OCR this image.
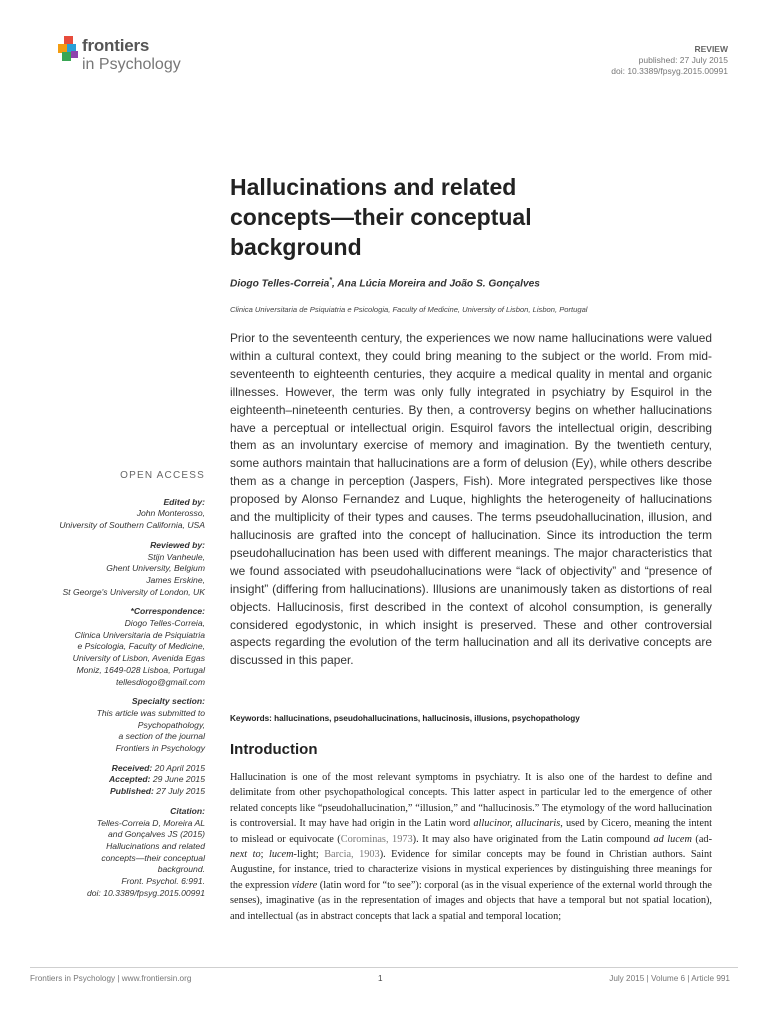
frontiers
in Psychology
REVIEW
published: 27 July 2015
doi: 10.3389/fpsyg.2015.00991
Hallucinations and related
concepts—their conceptual
background
Diogo Telles-Correia*, Ana Lúcia Moreira and João S. Gonçalves
Clinica Universitaria de Psiquiatria e Psicologia, Faculty of Medicine, University of Lisbon, Lisbon, Portugal

Prior to the seventeenth century, the experiences we now name hallucinations were valued within a cultural context, they could bring meaning to the subject or the world. From mid-seventeenth to eighteenth centuries, they acquire a medical quality in mental and organic illnesses. However, the term was only fully integrated in psychiatry by Esquirol in the eighteenth–nineteenth centuries. By then, a controversy begins on whether hallucinations have a perceptual or intellectual origin. Esquirol favors the intellectual origin, describing them as an involuntary exercise of memory and imagination. By the twentieth century, some authors maintain that hallucinations are a form of delusion (Ey), while others describe them as a change in perception (Jaspers, Fish). More integrated perspectives like those proposed by Alonso Fernandez and Luque, highlights the heterogeneity of hallucinations and the multiplicity of their types and causes. The terms pseudohallucination, illusion, and hallucinosis are grafted into the concept of hallucination. Since its introduction the term pseudohallucination has been used with different meanings. The major characteristics that we found associated with pseudohallucinations were “lack of objectivity” and “presence of insight” (differing from hallucinations). Illusions are unanimously taken as distortions of real objects. Hallucinosis, first described in the context of alcohol consumption, is generally considered egodystonic, in which insight is preserved. These and other controversial aspects regarding the evolution of the term hallucination and all its derivative concepts are discussed in this paper.

Keywords: hallucinations, pseudohallucinations, hallucinosis, illusions, psychopathology
Introduction

Hallucination is one of the most relevant symptoms in psychiatry. It is also one of the hardest to define and delimitate from other psychopathological concepts. This latter aspect in particular led to the emergence of other related concepts like “pseudohallucination,” “illusion,” and “hallucinosis.” The etymology of the word hallucination is controversial. It may have had origin in the Latin word allucinor, allucinaris, used by Cicero, meaning the intent to mislead or equivocate (Corominas, 1973). It may also have originated from the Latin compound ad lucem (ad-next to; lucem-light; Barcia, 1903). Evidence for similar concepts may be found in Christian authors. Saint Augustine, for instance, tried to characterize visions in mystical experiences by distinguishing three meanings for the expression videre (latin word for “to see”): corporal (as in the visual experience of the external world through the senses), imaginative (as in the representation of images and objects that have a temporal but not spatial location), and intellectual (as in abstract concepts that lack a spatial and temporal location;

OPEN ACCESS
Edited by:
John Monterosso,
University of Southern California, USA
Reviewed by:
Stijn Vanheule,
Ghent University, Belgium
James Erskine,
St George's University of London, UK
*Correspondence:
Diogo Telles-Correia,
Clinica Universitaria de Psiquiatria
e Psicologia, Faculty of Medicine,
University of Lisbon, Avenida Egas
Moniz, 1649-028 Lisboa, Portugal
tellesdiogo@gmail.com
Specialty section:
This article was submitted to
Psychopathology,
a section of the journal
Frontiers in Psychology
Received: 20 April 2015
Accepted: 29 June 2015
Published: 27 July 2015
Citation:
Telles-Correia D, Moreira AL
and Gonçalves JS (2015)
Hallucinations and related
concepts—their conceptual
background.
Front. Psychol. 6:991.
doi: 10.3389/fpsyg.2015.00991
Frontiers in Psychology | www.frontiersin.org	1	July 2015 | Volume 6 | Article 991
